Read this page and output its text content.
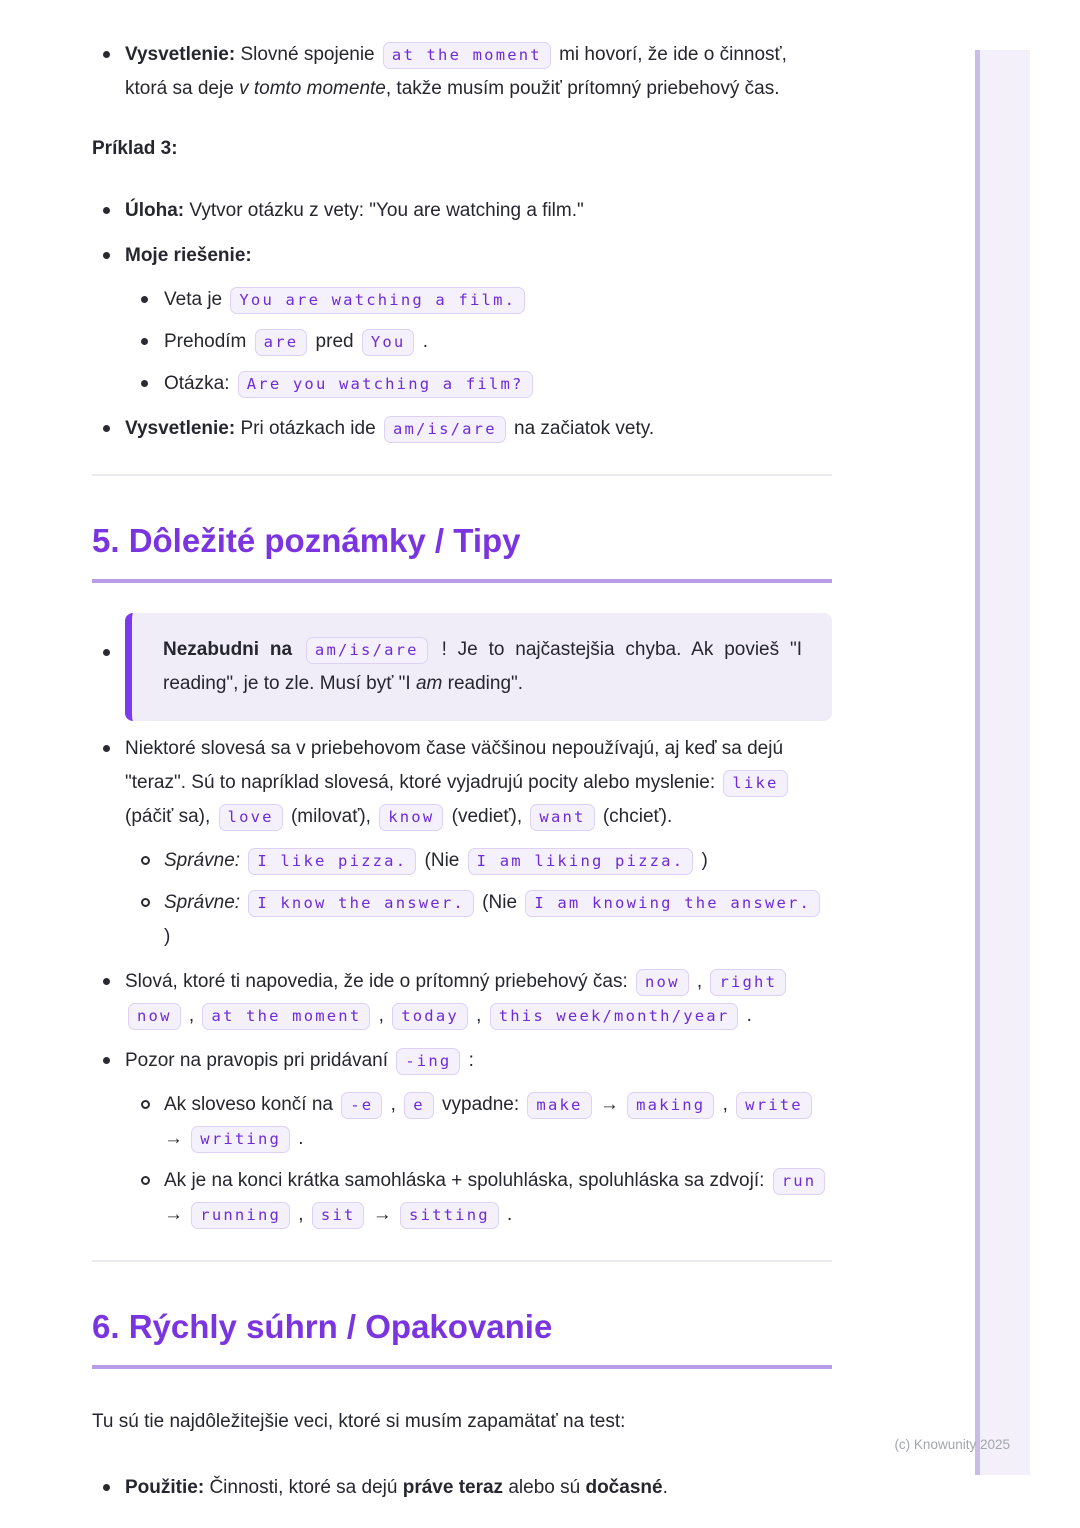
Vysvetlenie: Slovné spojenie at the moment mi hovorí, že ide o činnosť, ktorá sa deje v tomto momente, takže musím použiť prítomný priebehový čas.

Príklad 3:

Úloha: Vytvor otázku z vety: "You are watching a film."
Moje riešenie:
Veta je You are watching a film.
Prehodím are pred You .
Otázka: Are you watching a film?
Vysvetlenie: Pri otázkach ide am/is/are na začiatok vety.
5. Dôležité poznámky / Tipy
Nezabudni na am/is/are ! Je to najčastejšia chyba. Ak povieš "I reading", je to zle. Musí byť "I am reading".
Niektoré slovesá sa v priebehovom čase väčšinou nepoužívajú, aj keď sa dejú "teraz". Sú to napríklad slovesá, ktoré vyjadrujú pocity alebo myslenie: like (páčiť sa), love (milovať), know (vedieť), want (chcieť).
Správne: I like pizza. (Nie I am liking pizza. )
Správne: I know the answer. (Nie I am knowing the answer. )
Slová, ktoré ti napovedia, že ide o prítomný priebehový čas: now , right now , at the moment , today , this week/month/year .
Pozor na pravopis pri pridávaní -ing :
Ak sloveso končí na -e , e vypadne: make → making , write → writing .
Ak je na konci krátka samohláska + spoluhláska, spoluhláska sa zdvojí: run → running , sit → sitting .
6. Rýchly súhrn / Opakovanie

Tu sú tie najdôležitejšie veci, ktoré si musím zapamätať na test:

Použitie: Činnosti, ktoré sa dejú práve teraz alebo sú dočasné.
(c) Knowunity 2025
